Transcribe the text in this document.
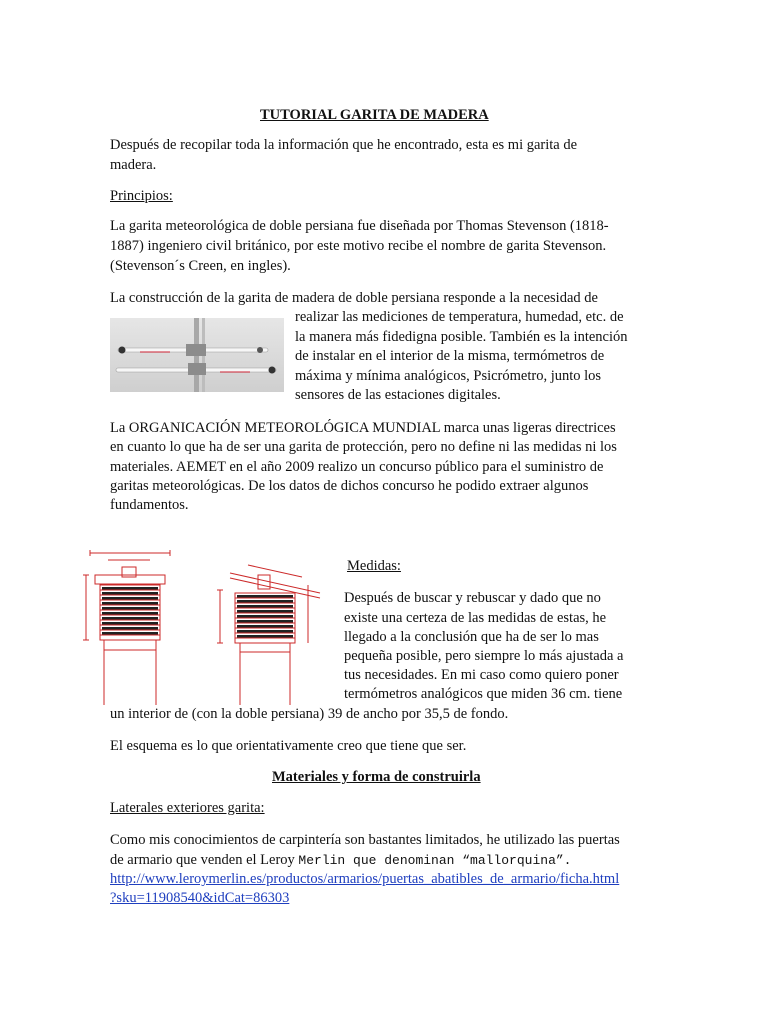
TUTORIAL GARITA DE MADERA
Después de recopilar toda la información que he encontrado, esta es mi garita de
madera.
Principios:
La garita meteorológica de doble persiana fue diseñada por Thomas Stevenson (1818-
1887) ingeniero civil británico, por este motivo recibe el nombre de garita Stevenson.
(Stevenson´s Creen, en ingles).
La construcción de la garita de madera de doble persiana responde a la necesidad de
realizar las mediciones de temperatura, humedad, etc. de
la manera más fidedigna posible. También es la intención
de instalar en el interior de la misma, termómetros de
máxima y mínima analógicos, Psicrómetro, junto los
sensores de las estaciones digitales.
La ORGANICACIÓN METEOROLÓGICA MUNDIAL marca unas ligeras directrices
en cuanto lo que ha de ser una garita de protección, pero no define ni las medidas ni los
materiales. AEMET en el año 2009 realizo un concurso público para el suministro de
garitas meteorológicas. De los datos de dichos concurso he podido extraer algunos
fundamentos.
Medidas:
Después de buscar y rebuscar y dado que no
existe una certeza de las medidas de estas, he
llegado a la conclusión que ha de ser lo mas
pequeña posible, pero siempre lo más ajustada a
tus necesidades. En mi caso como quiero poner
termómetros analógicos que miden 36 cm. tiene
un interior de (con la doble persiana) 39 de ancho por 35,5 de fondo.
El esquema es lo que orientativamente creo que tiene que ser.
Materiales y forma de construirla
Laterales exteriores garita:
Como mis conocimientos de carpintería son bastantes limitados, he utilizado las puertas
de armario que venden el Leroy Merlin que denominan “mallorquina”.
http://www.leroymerlin.es/productos/armarios/puertas_abatibles_de_armario/ficha.html
?sku=11908540&idCat=86303
